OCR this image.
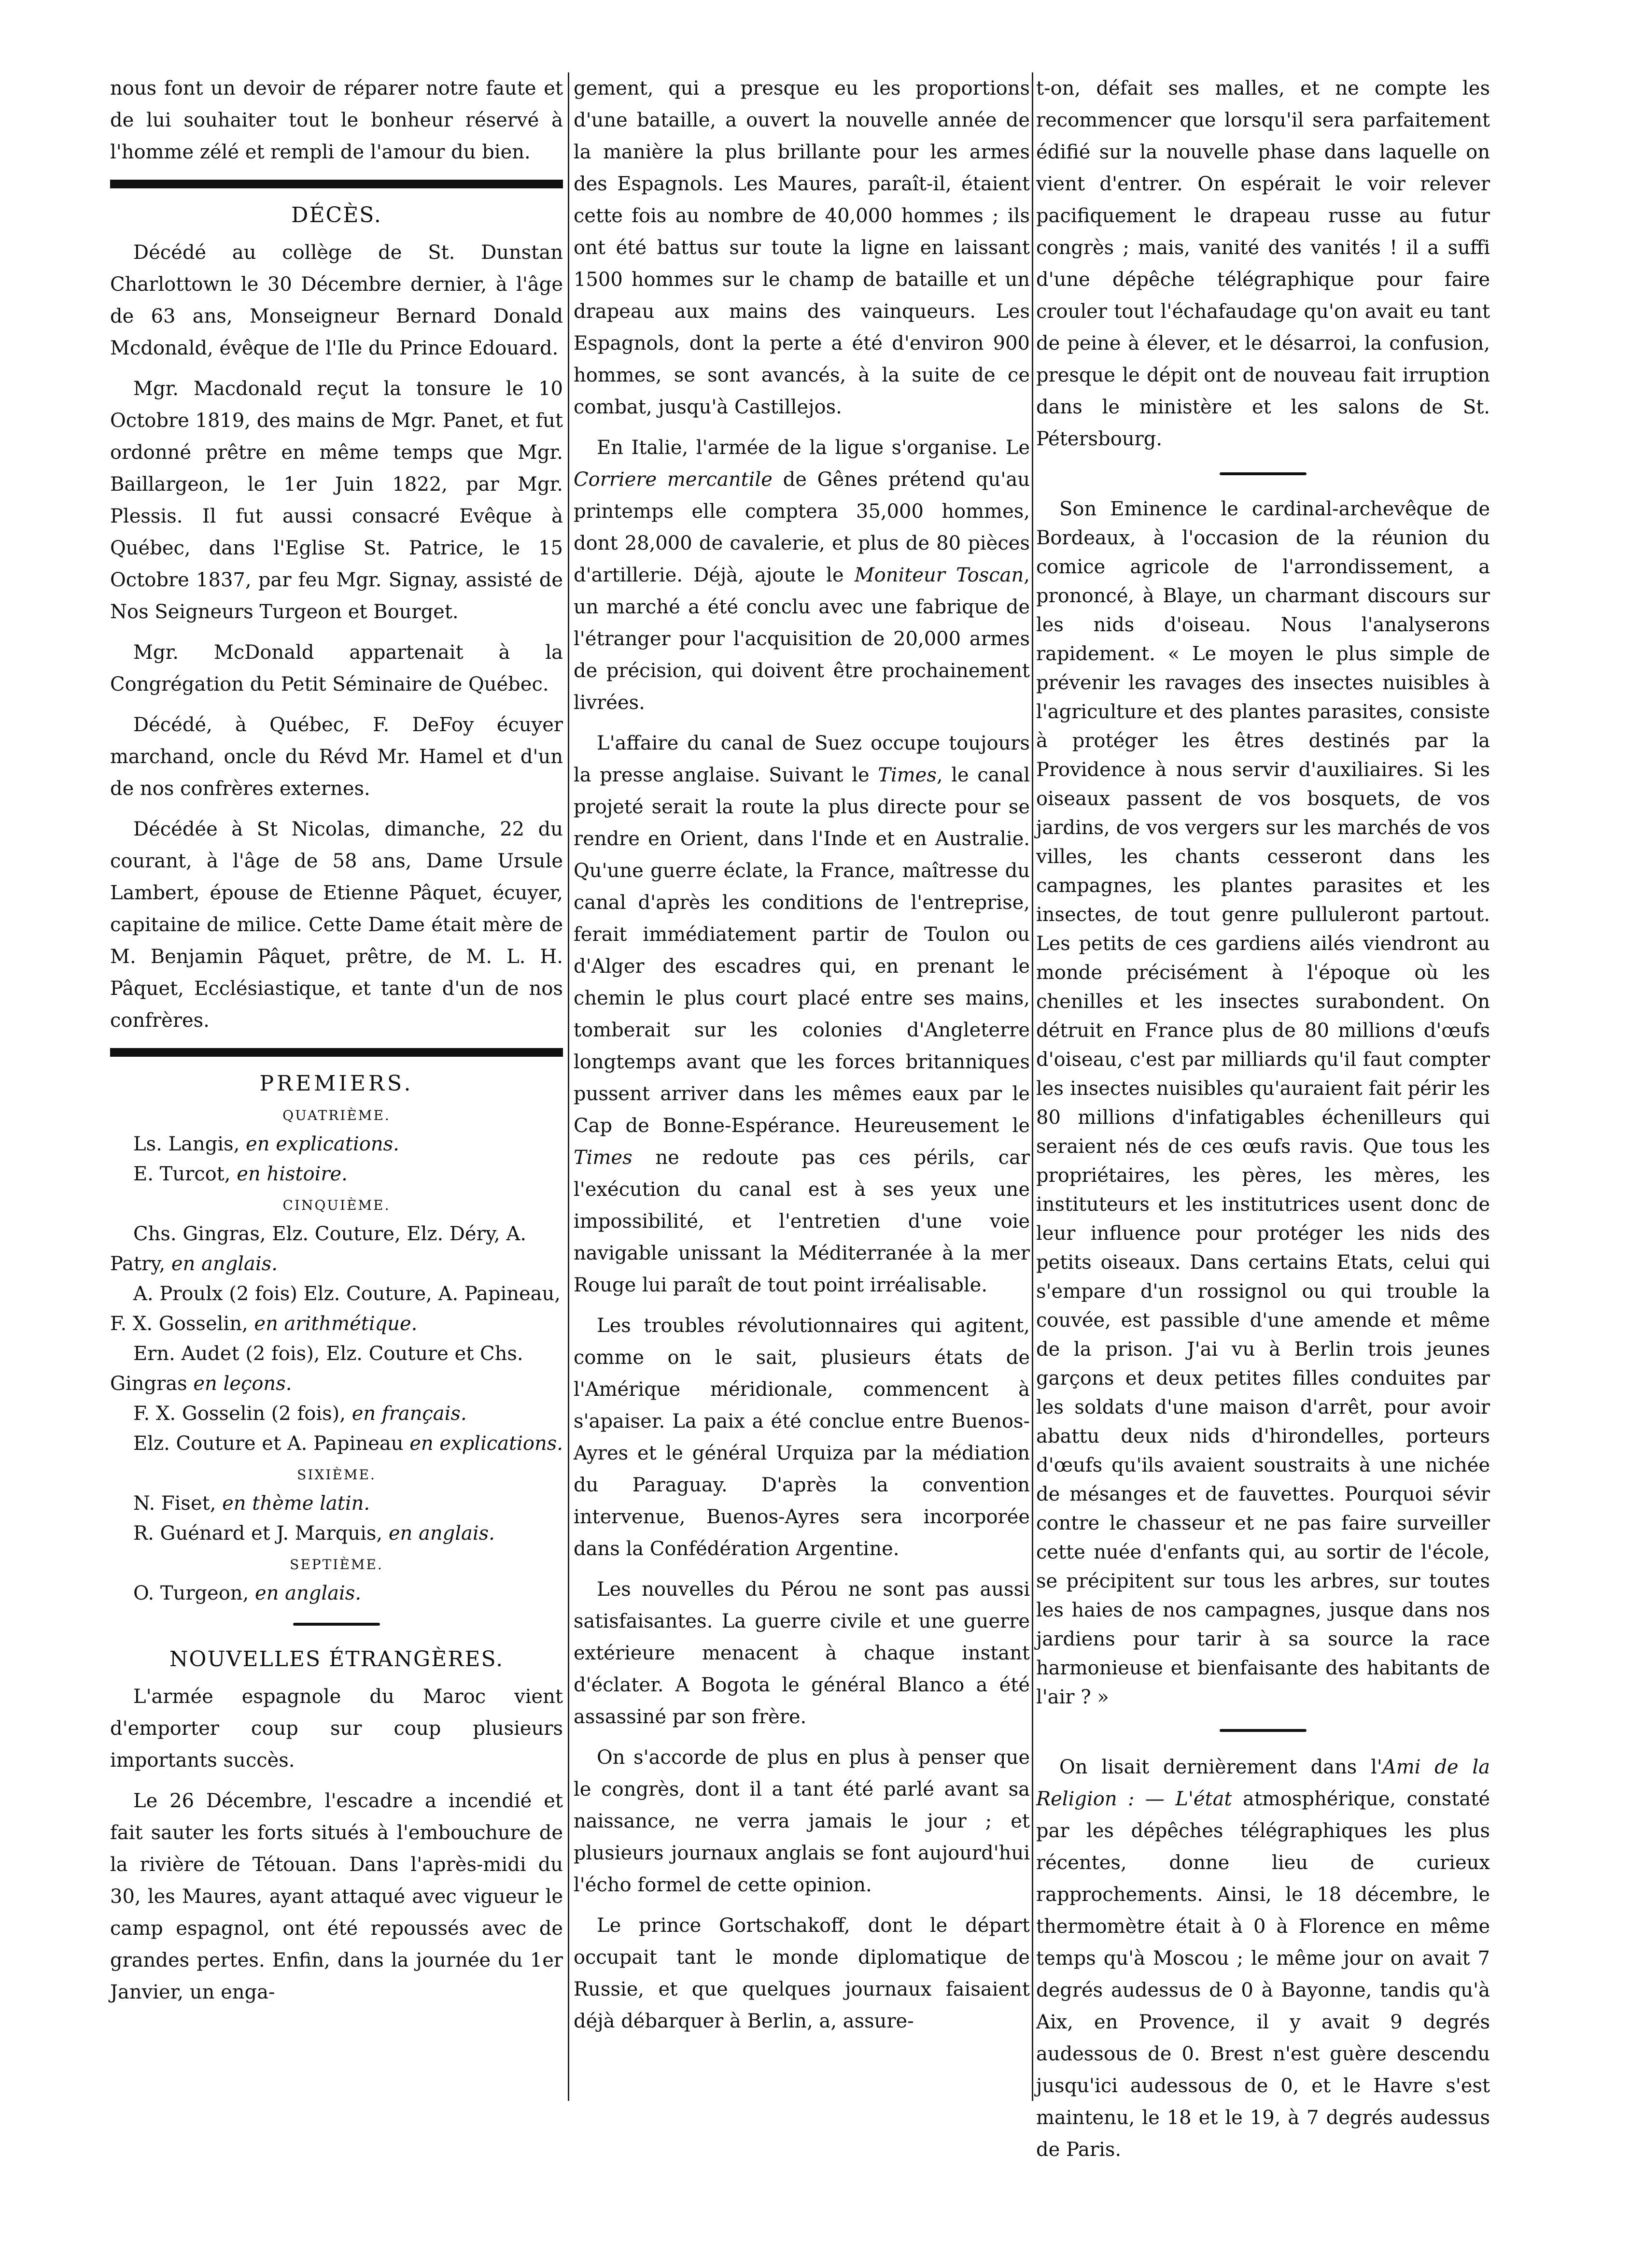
nous font un devoir de réparer notre faute et de lui souhaiter tout le bonheur réservé à l'homme zélé et rempli de l'amour du bien.

DÉCÈS.

Décédé au collège de St. Dunstan Charlottown le 30 Décembre dernier, à l'âge de 63 ans, Monseigneur Bernard Donald Mcdonald, évêque de l'Ile du Prince Edouard.

Mgr. Macdonald reçut la tonsure le 10 Octobre 1819, des mains de Mgr. Panet, et fut ordonné prêtre en même temps que Mgr. Baillargeon, le 1er Juin 1822, par Mgr. Plessis. Il fut aussi consacré Evêque à Québec, dans l'Eglise St. Patrice, le 15 Octobre 1837, par feu Mgr. Signay, assisté de Nos Seigneurs Turgeon et Bourget.

Mgr. McDonald appartenait à la Congrégation du Petit Séminaire de Québec.

Décédé, à Québec, F. DeFoy écuyer marchand, oncle du Révd Mr. Hamel et d'un de nos confrères externes.

Décédée à St Nicolas, dimanche, 22 du courant, à l'âge de 58 ans, Dame Ursule Lambert, épouse de Etienne Pâquet, écuyer, capitaine de milice. Cette Dame était mère de M. Benjamin Pâquet, prêtre, de M. L. H. Pâquet, Ecclésiastique, et tante d'un de nos confrères.

PREMIERS.
QUATRIÈME.
Ls. Langis, en explications.
E. Turcot, en histoire.
CINQUIÈME.
Chs. Gingras, Elz. Couture, Elz. Déry, A. Patry, en anglais.
A. Proulx (2 fois) Elz. Couture, A. Papineau, F. X. Gosselin, en arithmétique.
Ern. Audet (2 fois), Elz. Couture et Chs. Gingras en leçons.
F. X. Gosselin (2 fois), en français.
Elz. Couture et A. Papineau en explications.
SIXIÈME.
N. Fiset, en thème latin.
R. Guénard et J. Marquis, en anglais.
SEPTIÈME.
O. Turgeon, en anglais.
NOUVELLES ÉTRANGÈRES.

L'armée espagnole du Maroc vient d'emporter coup sur coup plusieurs importants succès.

Le 26 Décembre, l'escadre a incendié et fait sauter les forts situés à l'embouchure de la rivière de Tétouan. Dans l'après-midi du 30, les Maures, ayant attaqué avec vigueur le camp espagnol, ont été repoussés avec de grandes pertes. Enfin, dans la journée du 1er Janvier, un enga-

gement, qui a presque eu les proportions d'une bataille, a ouvert la nouvelle année de la manière la plus brillante pour les armes des Espagnols. Les Maures, paraît-il, étaient cette fois au nombre de 40,000 hommes ; ils ont été battus sur toute la ligne en laissant 1500 hommes sur le champ de bataille et un drapeau aux mains des vainqueurs. Les Espagnols, dont la perte a été d'environ 900 hommes, se sont avancés, à la suite de ce combat, jusqu'à Castillejos.

En Italie, l'armée de la ligue s'organise. Le Corriere mercantile de Gênes prétend qu'au printemps elle comptera 35,000 hommes, dont 28,000 de cavalerie, et plus de 80 pièces d'artillerie. Déjà, ajoute le Moniteur Toscan, un marché a été conclu avec une fabrique de l'étranger pour l'acquisition de 20,000 armes de précision, qui doivent être prochainement livrées.

L'affaire du canal de Suez occupe toujours la presse anglaise. Suivant le Times, le canal projeté serait la route la plus directe pour se rendre en Orient, dans l'Inde et en Australie. Qu'une guerre éclate, la France, maîtresse du canal d'après les conditions de l'entreprise, ferait immédiatement partir de Toulon ou d'Alger des escadres qui, en prenant le chemin le plus court placé entre ses mains, tomberait sur les colonies d'Angleterre longtemps avant que les forces britanniques pussent arriver dans les mêmes eaux par le Cap de Bonne-Espérance. Heureusement le Times ne redoute pas ces périls, car l'exécution du canal est à ses yeux une impossibilité, et l'entretien d'une voie navigable unissant la Méditerranée à la mer Rouge lui paraît de tout point irréalisable.

Les troubles révolutionnaires qui agitent, comme on le sait, plusieurs états de l'Amérique méridionale, commencent à s'apaiser. La paix a été conclue entre Buenos-Ayres et le général Urquiza par la médiation du Paraguay. D'après la convention intervenue, Buenos-Ayres sera incorporée dans la Confédération Argentine.

Les nouvelles du Pérou ne sont pas aussi satisfaisantes. La guerre civile et une guerre extérieure menacent à chaque instant d'éclater. A Bogota le général Blanco a été assassiné par son frère.

On s'accorde de plus en plus à penser que le congrès, dont il a tant été parlé avant sa naissance, ne verra jamais le jour ; et plusieurs journaux anglais se font aujourd'hui l'écho formel de cette opinion.

Le prince Gortschakoff, dont le départ occupait tant le monde diplomatique de Russie, et que quelques journaux faisaient déjà débarquer à Berlin, a, assure-

t-on, défait ses malles, et ne compte les recommencer que lorsqu'il sera parfaitement édifié sur la nouvelle phase dans laquelle on vient d'entrer. On espérait le voir relever pacifiquement le drapeau russe au futur congrès ; mais, vanité des vanités ! il a suffi d'une dépêche télégraphique pour faire crouler tout l'échafaudage qu'on avait eu tant de peine à élever, et le désarroi, la confusion, presque le dépit ont de nouveau fait irruption dans le ministère et les salons de St. Pétersbourg.

Son Eminence le cardinal-archevêque de Bordeaux, à l'occasion de la réunion du comice agricole de l'arrondissement, a prononcé, à Blaye, un charmant discours sur les nids d'oiseau. Nous l'analyserons rapidement. « Le moyen le plus simple de prévenir les ravages des insectes nuisibles à l'agriculture et des plantes parasites, consiste à protéger les êtres destinés par la Providence à nous servir d'auxiliaires. Si les oiseaux passent de vos bosquets, de vos jardins, de vos vergers sur les marchés de vos villes, les chants cesseront dans les campagnes, les plantes parasites et les insectes, de tout genre pulluleront partout. Les petits de ces gardiens ailés viendront au monde précisément à l'époque où les chenilles et les insectes surabondent. On détruit en France plus de 80 millions d'œufs d'oiseau, c'est par milliards qu'il faut compter les insectes nuisibles qu'auraient fait périr les 80 millions d'infatigables échenilleurs qui seraient nés de ces œufs ravis. Que tous les propriétaires, les pères, les mères, les instituteurs et les institutrices usent donc de leur influence pour protéger les nids des petits oiseaux. Dans certains Etats, celui qui s'empare d'un rossignol ou qui trouble la couvée, est passible d'une amende et même de la prison. J'ai vu à Berlin trois jeunes garçons et deux petites filles conduites par les soldats d'une maison d'arrêt, pour avoir abattu deux nids d'hirondelles, porteurs d'œufs qu'ils avaient soustraits à une nichée de mésanges et de fauvettes. Pourquoi sévir contre le chasseur et ne pas faire surveiller cette nuée d'enfants qui, au sortir de l'école, se précipitent sur tous les arbres, sur toutes les haies de nos campagnes, jusque dans nos jardiens pour tarir à sa source la race harmonieuse et bienfaisante des habitants de l'air ? »

On lisait dernièrement dans l'Ami de la Religion : — L'état atmosphérique, constaté par les dépêches télégraphiques les plus récentes, donne lieu de curieux rapprochements. Ainsi, le 18 décembre, le thermomètre était à 0 à Florence en même temps qu'à Moscou ; le même jour on avait 7 degrés audessus de 0 à Bayonne, tandis qu'à Aix, en Provence, il y avait 9 degrés audessous de 0. Brest n'est guère descendu jusqu'ici audessous de 0, et le Havre s'est maintenu, le 18 et le 19, à 7 degrés audessus de Paris.
